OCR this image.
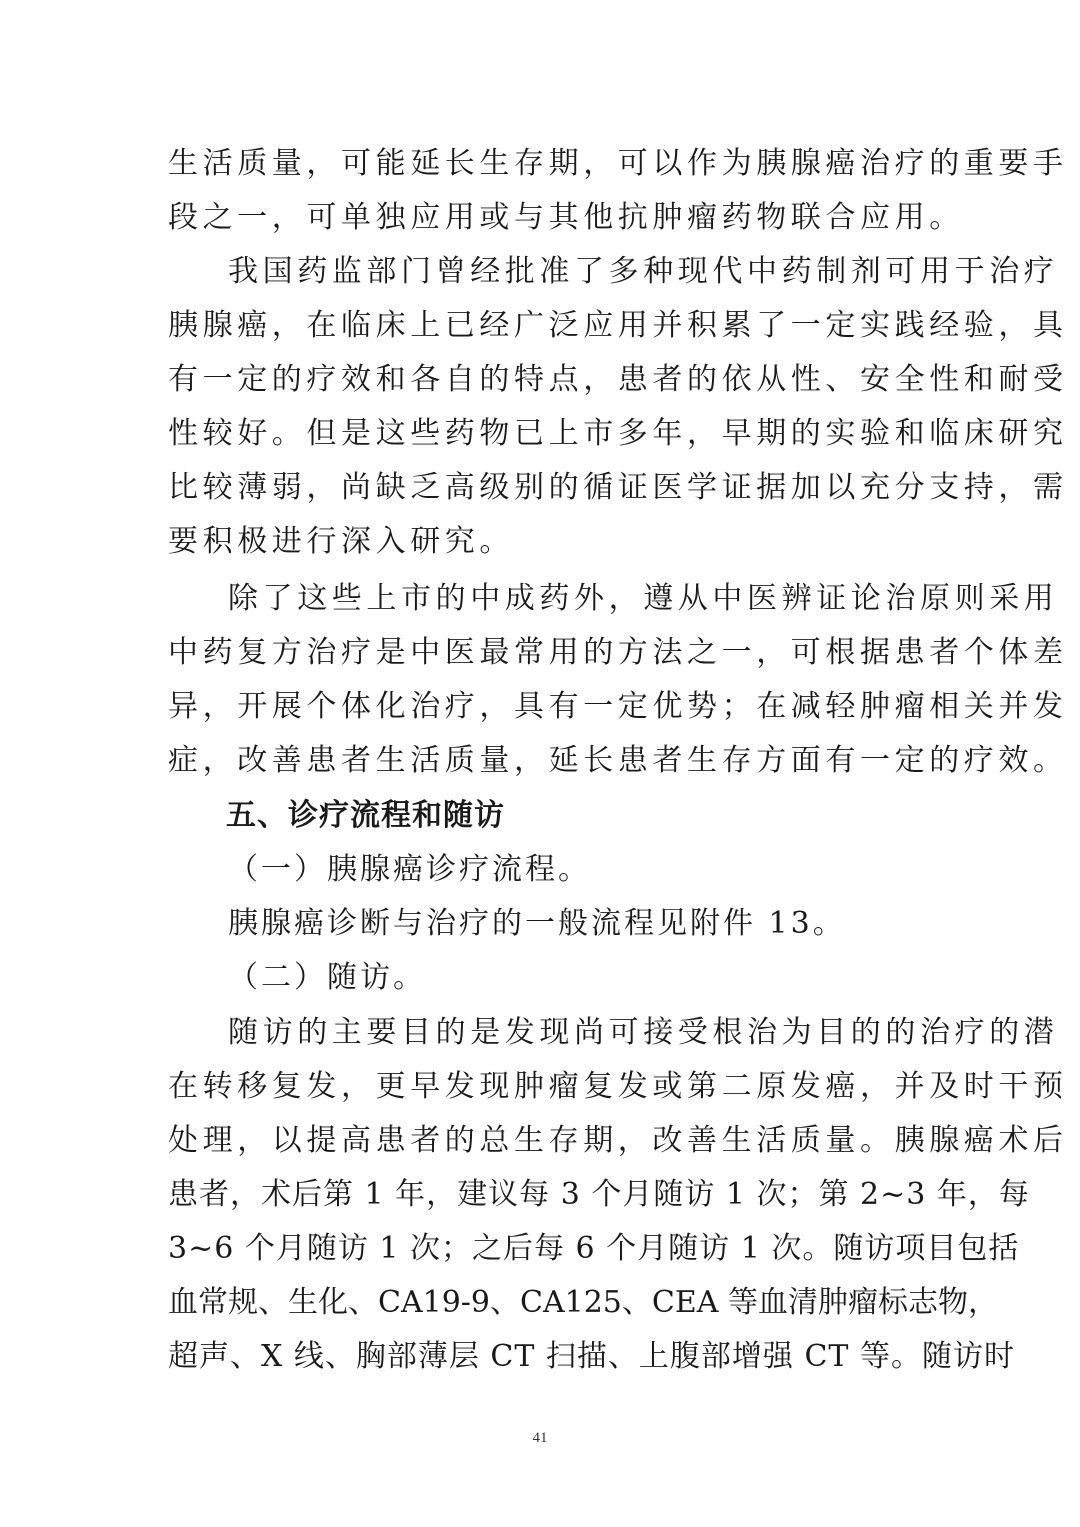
生活质量，可能延长生存期，可以作为胰腺癌治疗的重要手
段之一，可单独应用或与其他抗肿瘤药物联合应用。
我国药监部门曾经批准了多种现代中药制剂可用于治疗
胰腺癌，在临床上已经广泛应用并积累了一定实践经验，具
有一定的疗效和各自的特点，患者的依从性、安全性和耐受
性较好。但是这些药物已上市多年，早期的实验和临床研究
比较薄弱，尚缺乏高级别的循证医学证据加以充分支持，需
要积极进行深入研究。
除了这些上市的中成药外，遵从中医辨证论治原则采用
中药复方治疗是中医最常用的方法之一，可根据患者个体差
异，开展个体化治疗，具有一定优势；在减轻肿瘤相关并发
症，改善患者生活质量，延长患者生存方面有一定的疗效。
五、诊疗流程和随访
（一）胰腺癌诊疗流程。
胰腺癌诊断与治疗的一般流程见附件 13。
（二）随访。
随访的主要目的是发现尚可接受根治为目的的治疗的潜
在转移复发，更早发现肿瘤复发或第二原发癌，并及时干预
处理，以提高患者的总生存期，改善生活质量。胰腺癌术后
患者，术后第 1 年，建议每 3 个月随访 1 次；第 2~3 年，每
3~6 个月随访 1 次；之后每 6 个月随访 1 次。随访项目包括
血常规、生化、CA19-9、CA125、CEA 等血清肿瘤标志物，
超声、X 线、胸部薄层 CT 扫描、上腹部增强 CT 等。随访时
41
